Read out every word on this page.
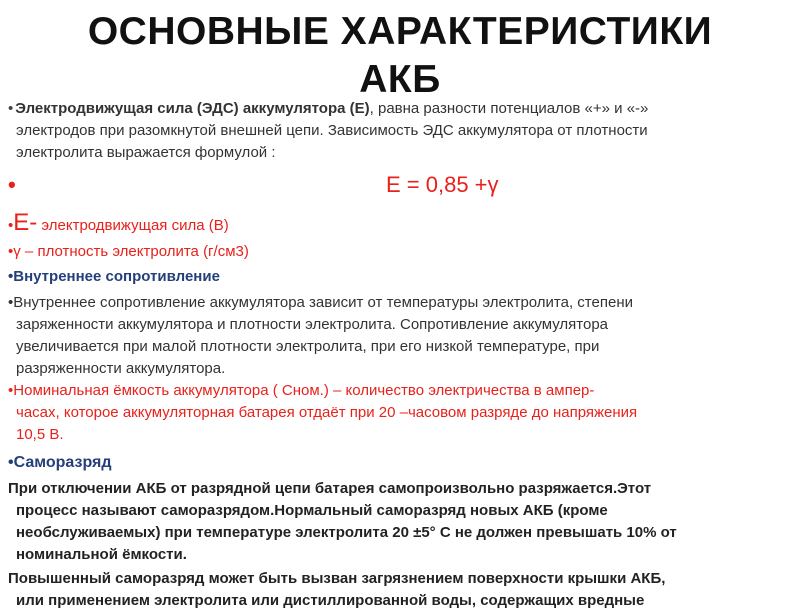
ОСНОВНЫЕ ХАРАКТЕРИСТИКИ
АКБ
• Электродвижущая сила (ЭДС) аккумулятора (Е), равна разности потенциалов «+» и «-»
электродов при разомкнутой внешней цепи. Зависимость ЭДС аккумулятора от плотности
электролита выражается формулой :
•	E = 0,85 +γ
•E- электродвижущая сила (В)
•γ – плотность электролита (г/см3)
•Внутреннее сопротивление
•Внутреннее сопротивление аккумулятора зависит от температуры электролита, степени
заряженности аккумулятора и плотности электролита. Сопротивление аккумулятора
увеличивается при малой плотности электролита, при его низкой температуре, при
разряженности аккумулятора.
•Номинальная ёмкость аккумулятора ( Сном.) – количество электричества в ампер-
часах, которое аккумуляторная батарея отдаёт при 20 –часовом разряде до напряжения
10,5 В.
•Саморазряд
При отключении АКБ от разрядной цепи батарея самопроизвольно разряжается.Этот
процесс называют саморазрядом.Нормальный саморазряд новых АКБ (кроме
необслуживаемых) при температуре электролита 20 ±5° С не должен превышать 10% от
номинальной ёмкости.
Повышенный саморазряд может быть вызван загрязнением поверхности крышки АКБ,
или применением электролита или дистиллированной воды, содержащих вредные
